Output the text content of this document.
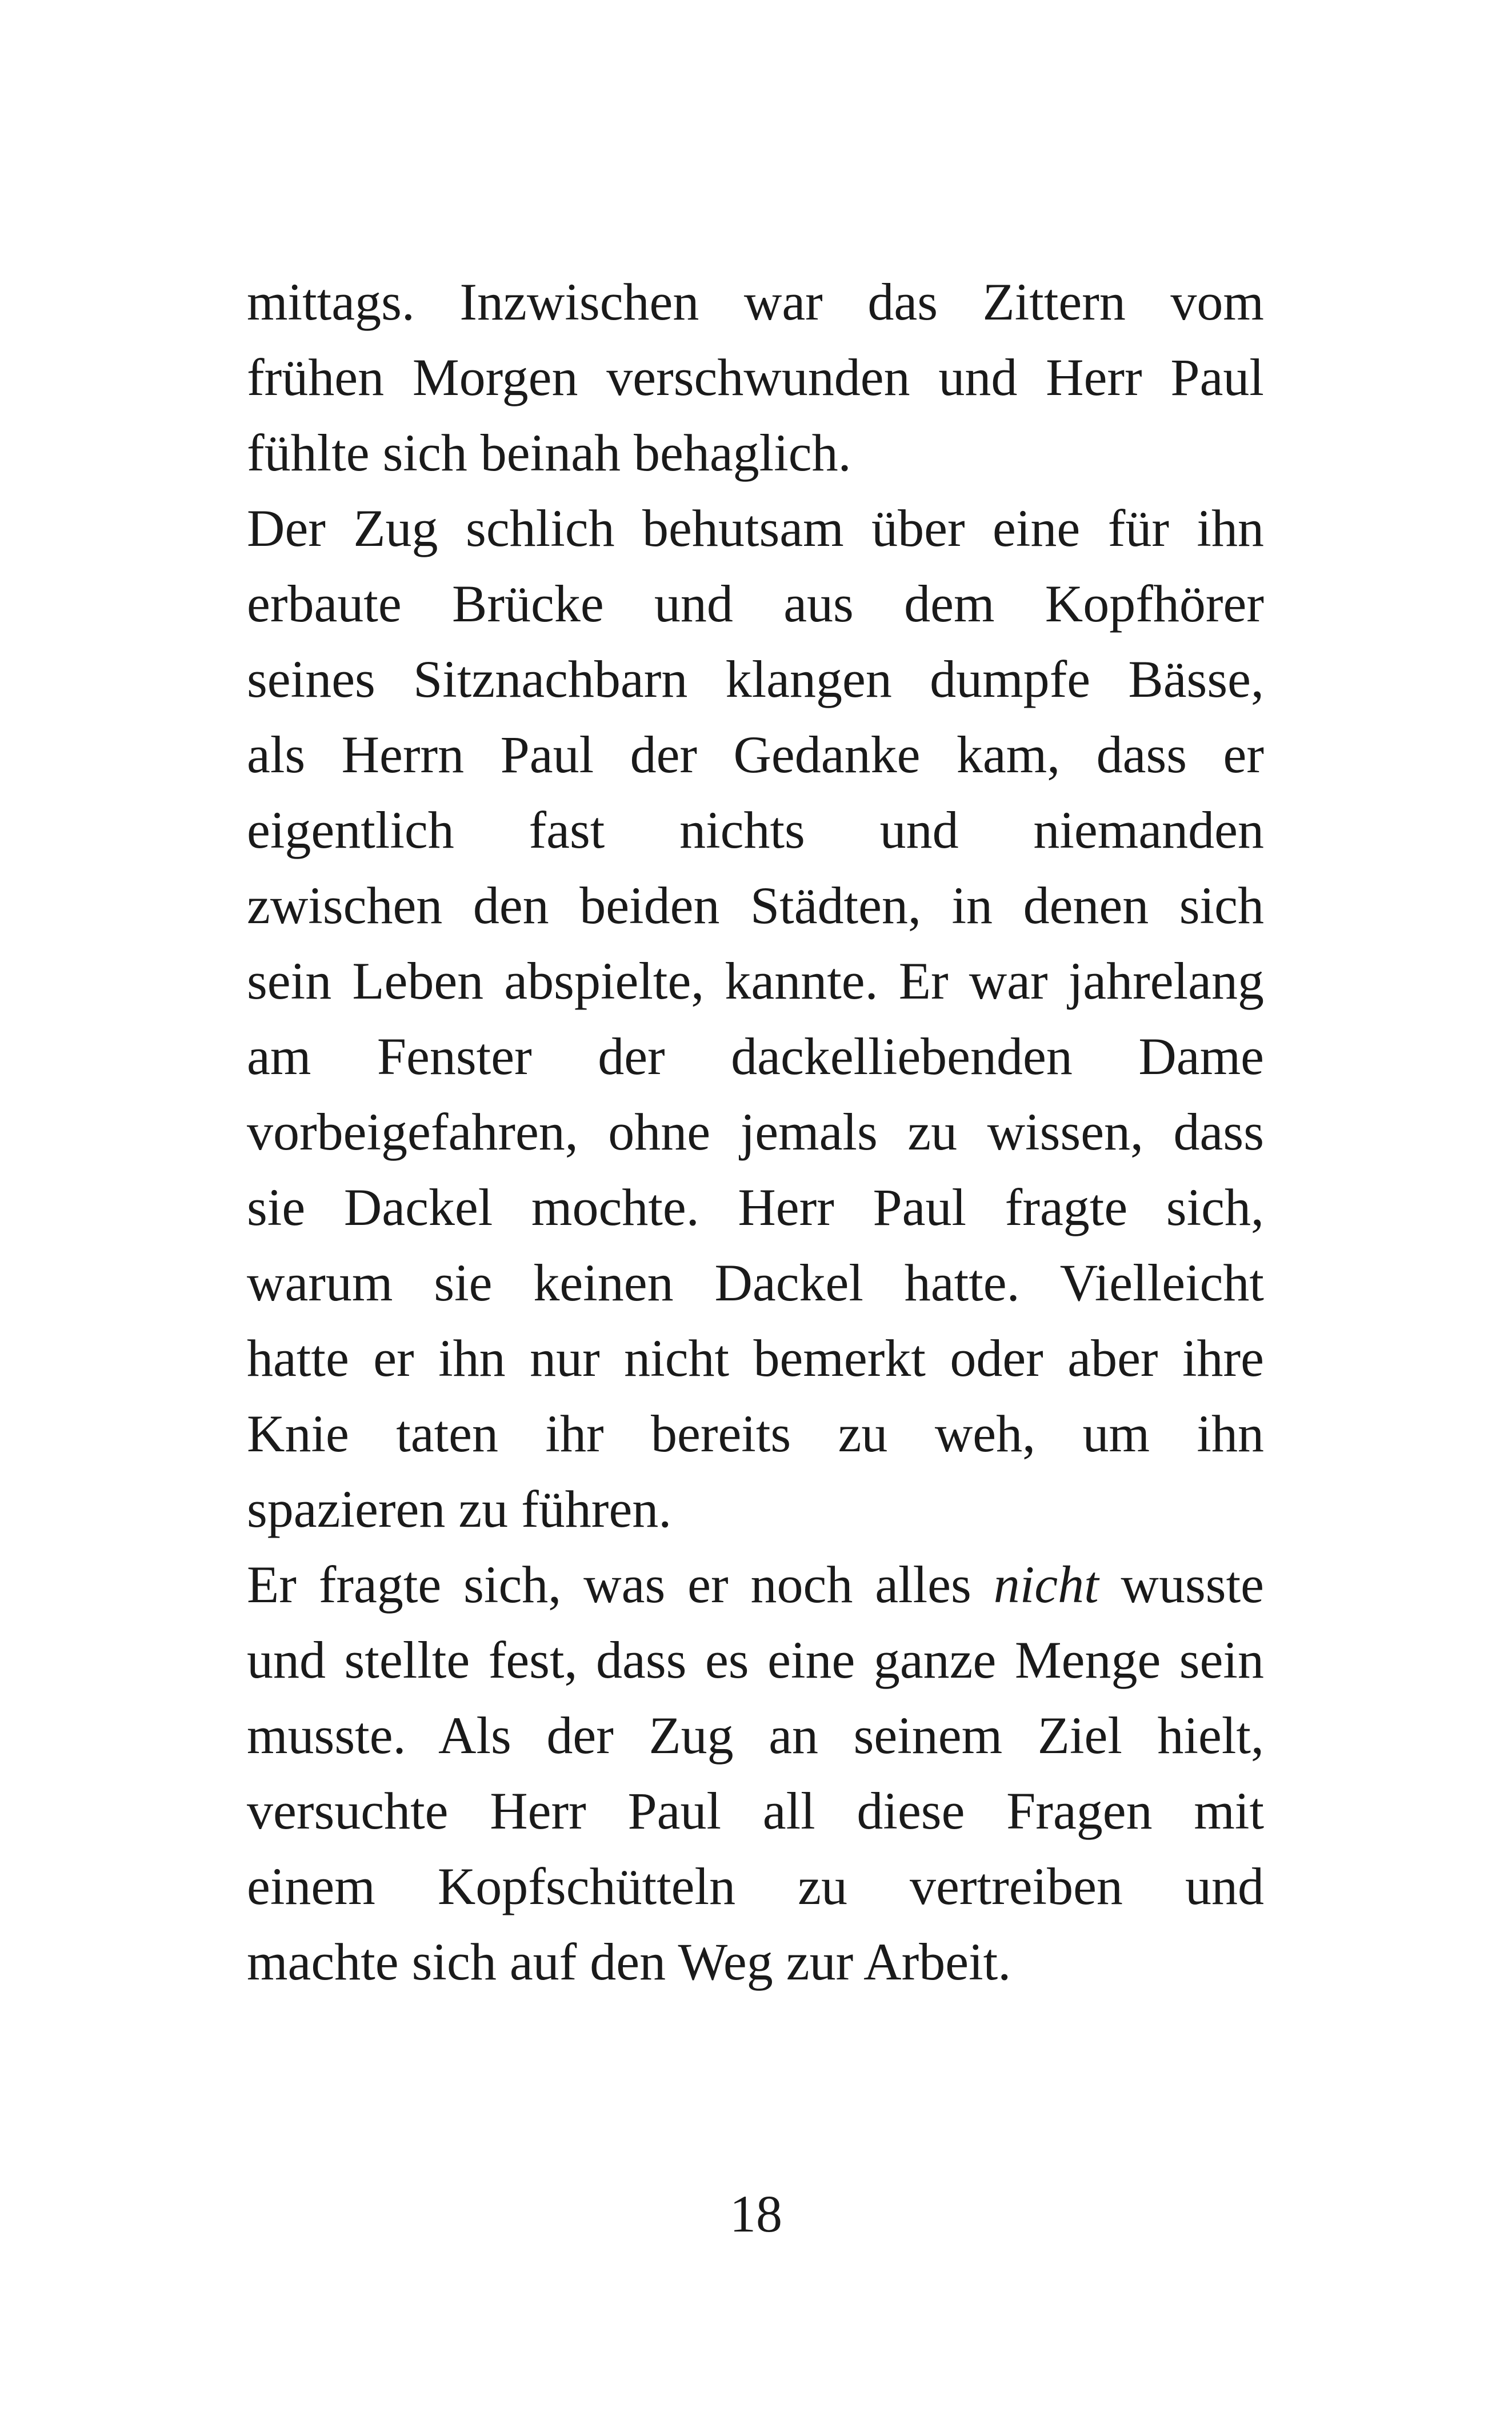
mittags. Inzwischen war das Zittern vom
frühen Morgen verschwunden und Herr Paul
fühlte sich beinah behaglich.
Der Zug schlich behutsam über eine für ihn
erbaute Brücke und aus dem Kopfhörer
seines Sitznachbarn klangen dumpfe Bässe,
als Herrn Paul der Gedanke kam, dass er
eigentlich fast nichts und niemanden
zwischen den beiden Städten, in denen sich
sein Leben abspielte, kannte. Er war jahrelang
am Fenster der dackelliebenden Dame
vorbeigefahren, ohne jemals zu wissen, dass
sie Dackel mochte. Herr Paul fragte sich,
warum sie keinen Dackel hatte. Vielleicht
hatte er ihn nur nicht bemerkt oder aber ihre
Knie taten ihr bereits zu weh, um ihn
spazieren zu führen.
Er fragte sich, was er noch alles nicht wusste
und stellte fest, dass es eine ganze Menge sein
musste. Als der Zug an seinem Ziel hielt,
versuchte Herr Paul all diese Fragen mit
einem Kopfschütteln zu vertreiben und
machte sich auf den Weg zur Arbeit.
18
